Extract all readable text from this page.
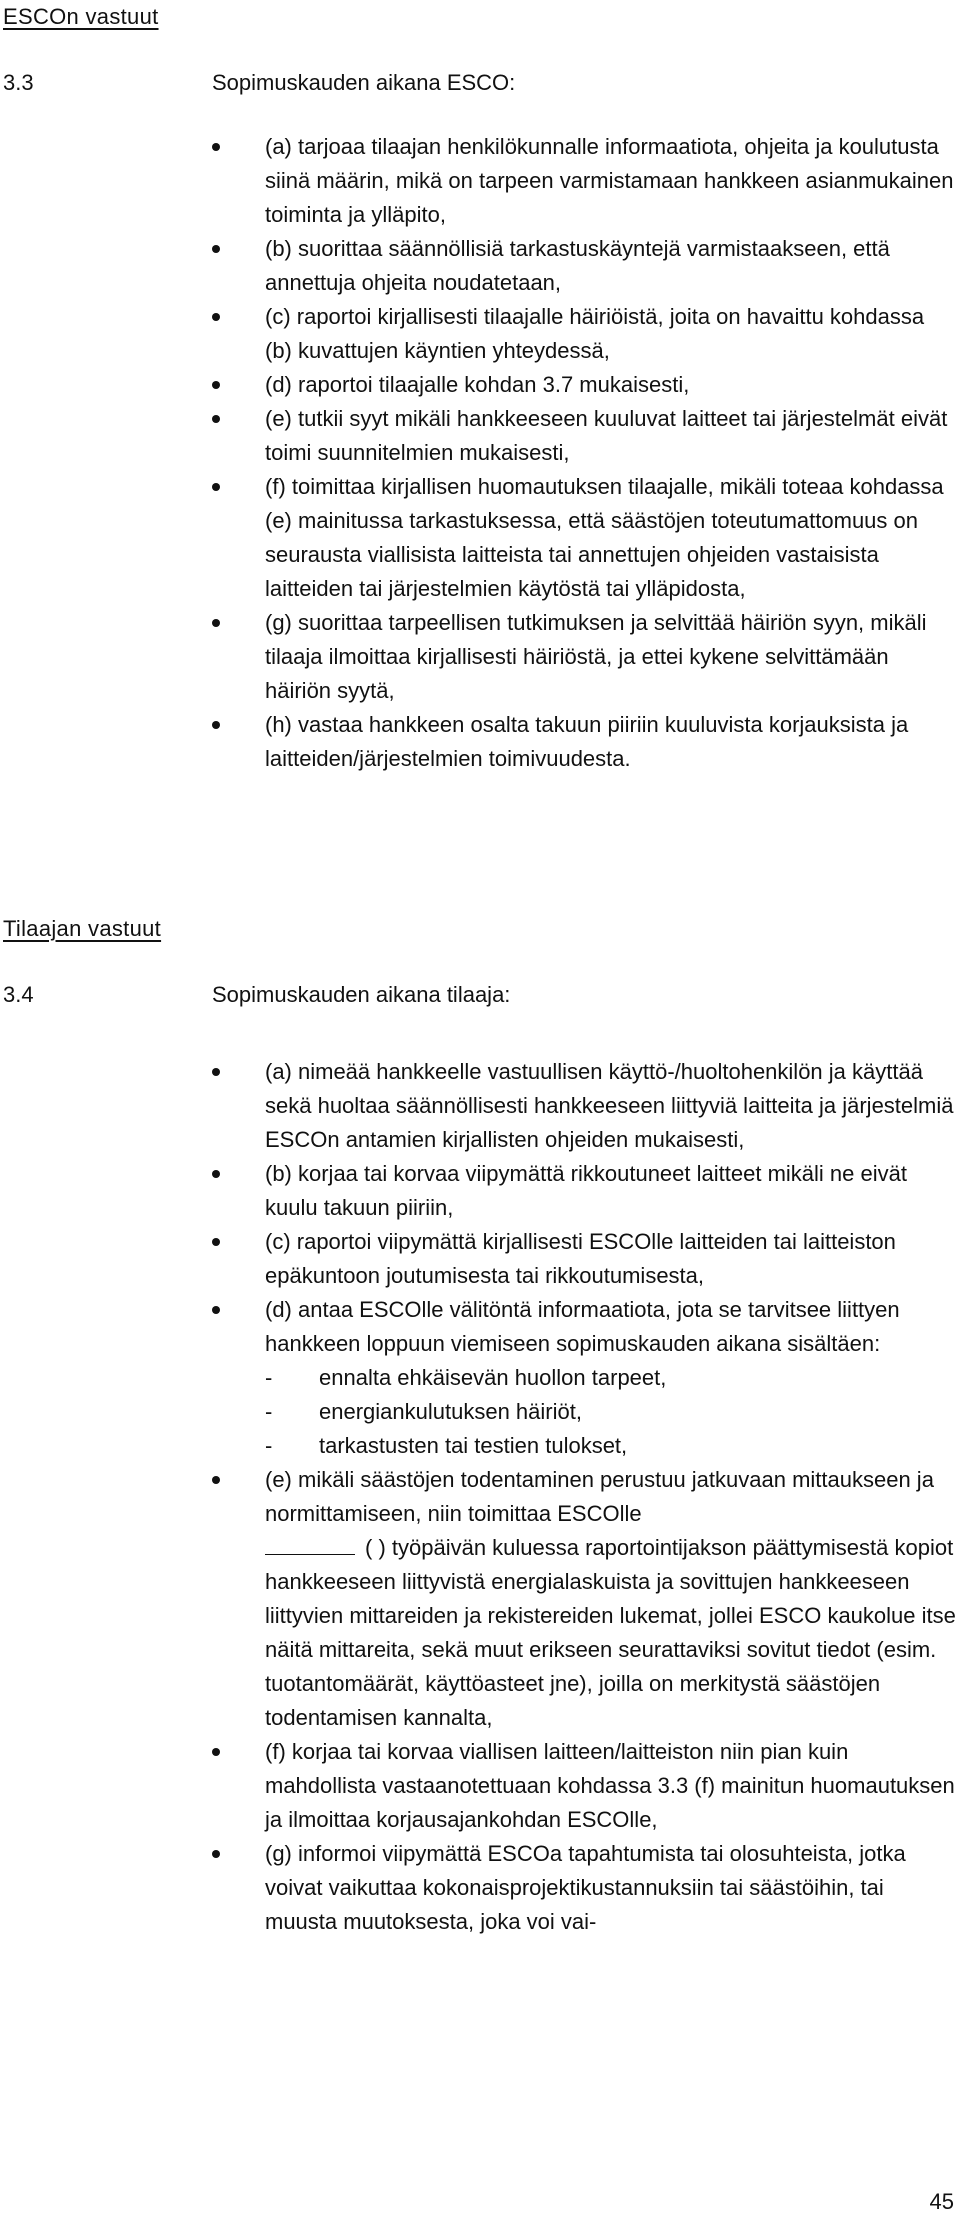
ESCOn vastuut
3.3	Sopimuskauden aikana ESCO:
(a) tarjoaa tilaajan henkilökunnalle informaatiota, ohjeita ja koulutusta siinä määrin, mikä on tarpeen varmistamaan hankkeen asianmukainen toiminta ja ylläpito,
(b) suorittaa säännöllisiä tarkastuskäyntejä varmistaakseen, että annettuja ohjeita noudatetaan,
(c) raportoi kirjallisesti tilaajalle häiriöistä, joita on havaittu kohdassa (b) kuvattujen käyntien yhteydessä,
(d) raportoi tilaajalle kohdan 3.7 mukaisesti,
(e) tutkii syyt mikäli hankkeeseen kuuluvat laitteet tai järjestelmät eivät toimi suunnitelmien mukaisesti,
(f) toimittaa kirjallisen huomautuksen tilaajalle, mikäli toteaa kohdassa (e) mainitussa tarkastuksessa, että säästöjen toteutumattomuus on seurausta viallisista laitteista tai annettujen ohjeiden vastaisista laitteiden tai järjestelmien käytöstä tai ylläpidosta,
(g) suorittaa tarpeellisen tutkimuksen ja selvittää häiriön syyn, mikäli tilaaja ilmoittaa kirjallisesti häiriöstä, ja ettei kykene selvittämään häiriön syytä,
(h) vastaa hankkeen osalta takuun piiriin kuuluvista korjauksista ja laitteiden/järjestelmien toimivuudesta.
Tilaajan vastuut
3.4	Sopimuskauden aikana tilaaja:
(a) nimeää hankkeelle vastuullisen käyttö-/huoltohenkilön ja käyttää sekä huoltaa säännöllisesti hankkeeseen liittyviä laitteita ja järjestelmiä ESCOn antamien kirjallisten ohjeiden mukaisesti,
(b) korjaa tai korvaa viipymättä rikkoutuneet laitteet mikäli ne eivät kuulu takuun piiriin,
(c) raportoi viipymättä kirjallisesti ESCOlle laitteiden tai laitteiston epäkuntoon joutumisesta tai rikkoutumisesta,
(d) antaa ESCOlle välitöntä informaatiota, jota se tarvitsee liittyen hankkeen loppuun viemiseen sopimuskauden aikana sisältäen:
-	ennalta ehkäisevän huollon tarpeet,
-	energiankulutuksen häiriöt,
-	tarkastusten tai testien tulokset,
(e) mikäli säästöjen todentaminen perustuu jatkuvaan mittaukseen ja normittamiseen, niin toimittaa ESCOlle
( ) työpäivän kuluessa raportointijakson päättymisestä kopiot hankkeeseen liittyvistä energialaskuista ja sovittujen hankkeeseen liittyvien mittareiden ja rekistereiden lukemat, jollei ESCO kaukolue itse näitä mittareita, sekä muut erikseen seurattaviksi sovitut tiedot (esim. tuotantomäärät, käyttöasteet jne), joilla on merkitystä säästöjen todentamisen kannalta,
(f) korjaa tai korvaa viallisen laitteen/laitteiston niin pian kuin mahdollista vastaanotettuaan kohdassa 3.3 (f) mainitun huomautuksen ja ilmoittaa korjausajankohdan ESCOlle,
(g) informoi viipymättä ESCOa tapahtumista tai olosuhteista, jotka voivat vaikuttaa kokonaisprojektikustannuksiin tai säästöihin, tai muusta muutoksesta, joka voi vai-
45
